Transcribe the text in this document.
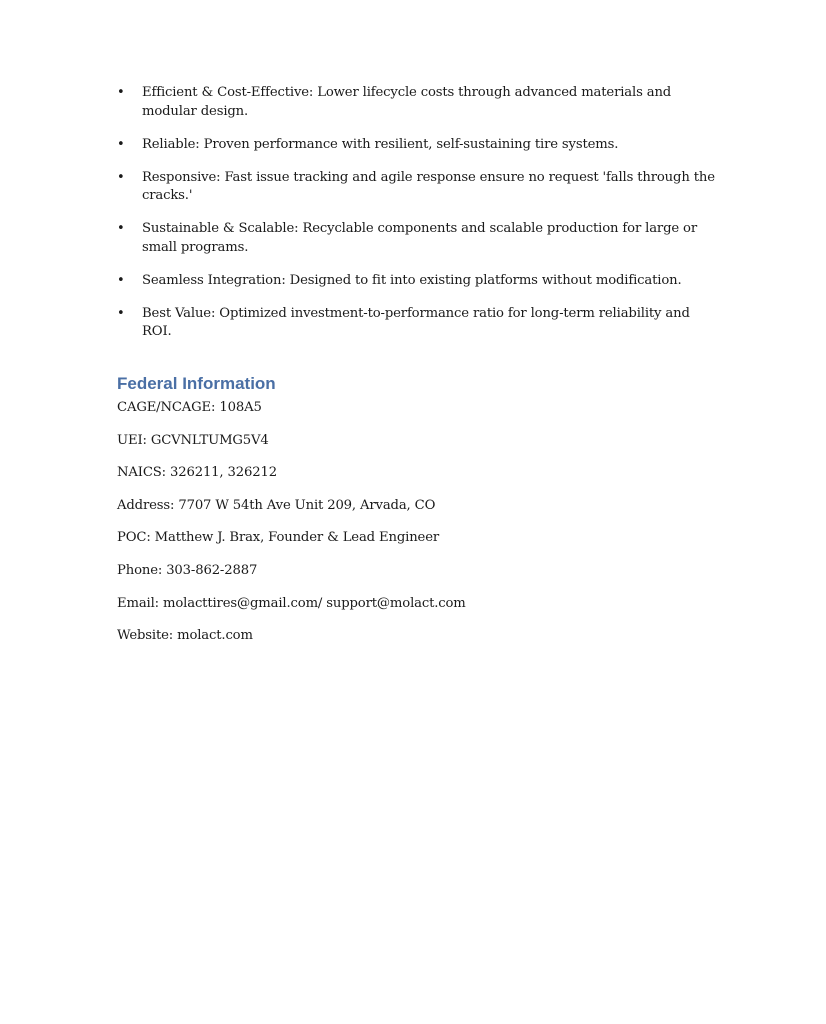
• Efficient & Cost-Effective: Lower lifecycle costs through advanced materials and modular design.
• Reliable: Proven performance with resilient, self-sustaining tire systems.
• Responsive: Fast issue tracking and agile response ensure no request 'falls through the cracks.'
• Sustainable & Scalable: Recyclable components and scalable production for large or small programs.
• Seamless Integration: Designed to fit into existing platforms without modification.
• Best Value: Optimized investment-to-performance ratio for long-term reliability and ROI.
Federal Information

CAGE/NCAGE: 108A5

UEI: GCVNLTUMG5V4

NAICS: 326211, 326212

Address: 7707 W 54th Ave Unit 209, Arvada, CO

POC: Matthew J. Brax, Founder & Lead Engineer

Phone: 303-862-2887

Email: molacttires@gmail.com/ support@molact.com

Website: molact.com
